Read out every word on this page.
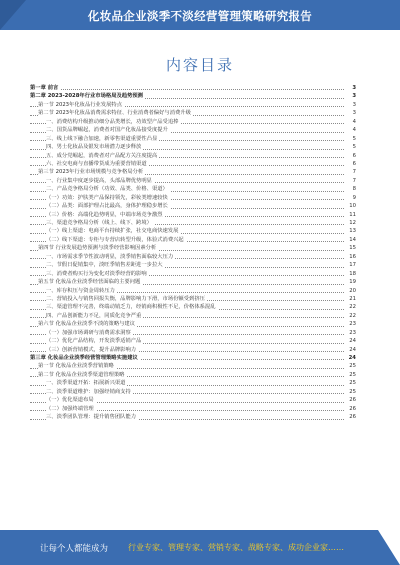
化妆品企业淡季不淡经营管理策略研究报告
内容目录
第一章 前言	3
第二章 2023-2028年行业市场格局及趋势预测	3
第一节 2023年化妆品行业发展特点	3
第二节 2023年化妆品消费需求特征、行业消费者偏好与消费升级	3
一、消费结构升级推动细分品类增长，功效型产品受追捧	4
二、国货品牌崛起，消费者对国产化妆品接受度提升	4
三、线上线下融合加速，新零售渠道重要性凸显	5
四、男士化妆品及银发市场潜力逐步释放	5
五、成分党崛起，消费者对产品配方关注度提高	6
六、社交电商与直播带货成为重要营销渠道	6
第三节 2023年行业市场规模与竞争格局分析	7
一、行业集中度逐步提高，头部品牌优势明显	7
二、产品竞争格局分析（功效、品类、价格、渠道）	8
（一）功效：护肤类产品保持领先，彩妆类增速较快	9
（二）品类：面部护理占比最高，身体护理稳步增长	10
（三）价格：高端化趋势明显，中端市场竞争激烈	11
三、渠道竞争格局分析（线上、线下、跨境）	12
（一）线上渠道：电商平台持续扩张，社交电商快速发展	13
（二）线下渠道：专柜与专营店转型升级，体验式消费兴起	14
第四节 行业发展趋势预测与淡季经营影响因素分析	15
一、市场需求季节性波动明显，淡季销售面临较大压力	16
二、节假日促销集中，淡旺季销售差距进一步拉大	17
三、消费者购买行为变化对淡季经营的影响	18
第五节 化妆品企业淡季经营面临的主要问题	19
一、库存积压与资金周转压力	20
二、营销投入与销售回报失衡，品牌影响力下滑，市场份额受到挤压	21
三、渠道管理不完善，终端动销乏力，经销商积极性不足，价格体系混乱	22
四、产品创新能力不足，同质化竞争严重	22
第六节 化妆品企业淡季不淡的策略与建议	23
（一）加强市场调研与消费需求洞察	23
（二）优化产品结构，开发淡季适销产品	24
（三）创新营销模式，提升品牌影响力	24
第三章 化妆品企业淡季经营管理策略实施建议	24
第一节 化妆品企业淡季营销策略	25
第二节 化妆品企业淡季渠道管理策略	25
一、淡季渠道开拓：拓展新兴渠道	25
二、淡季渠道维护：加强经销商支持	25
（一）优化渠道布局	26
（二）加强终端管理	26
三、淡季团队管理：提升销售团队能力	26
让每个人都能成为 行业专家、管理专家、营销专家、战略专家、成功企业家……
